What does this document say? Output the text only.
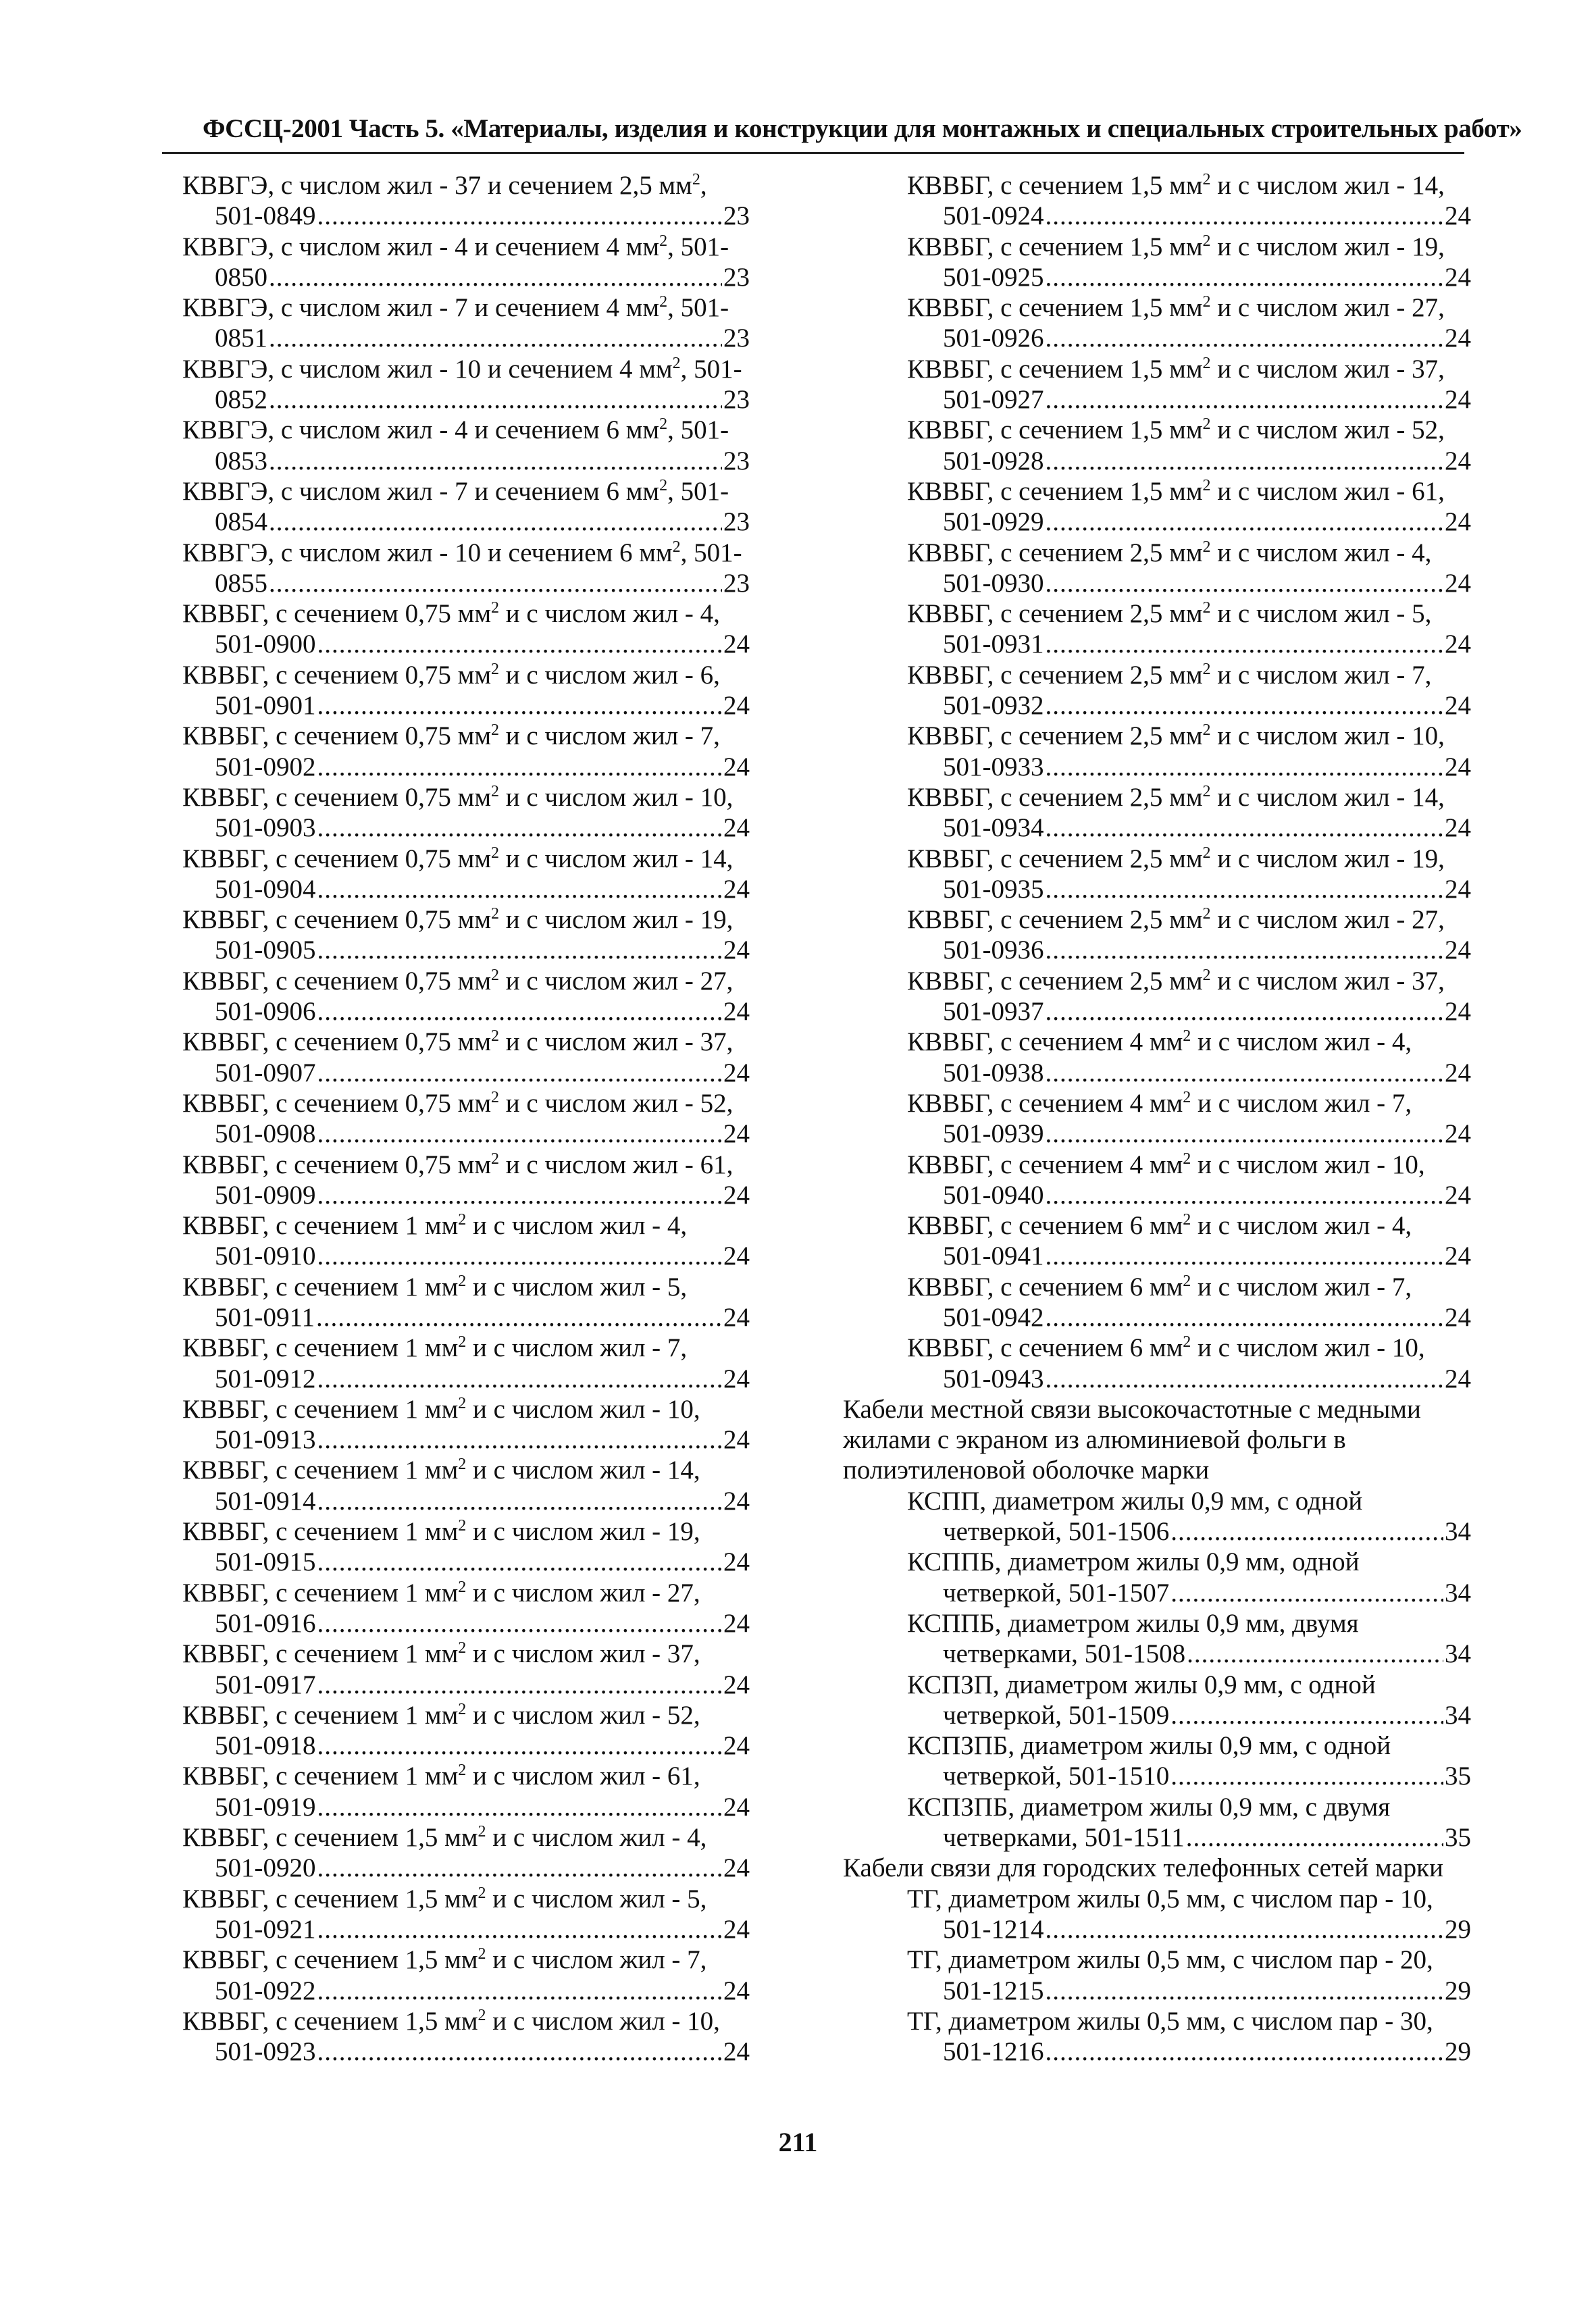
ФССЦ-2001 Часть 5. «Материалы, изделия и конструкции для монтажных и специальных строительных работ»
КВВГЭ, с числом жил - 37 и сечением 2,5 $мм^2$,
501-0849 .....	23
КВВГЭ, с числом жил - 4 и сечением 4 $мм^2$, 501-
0850 .....	23
КВВГЭ, с числом жил - 7 и сечением 4 $мм^2$, 501-
0851 .....	23
КВВГЭ, с числом жил - 10 и сечением 4 $мм^2$, 501-
0852 .....	23
КВВГЭ, с числом жил - 4 и сечением 6 $мм^2$, 501-
0853 .....	23
КВВГЭ, с числом жил - 7 и сечением 6 $мм^2$, 501-
0854 .....	23
КВВГЭ, с числом жил - 10 и сечением 6 $мм^2$, 501-
0855 .....	23
КВВБГ, с сечением 0,75 $мм^2$ и с числом жил - 4,
501-0900 .....	24
КВВБГ, с сечением 0,75 $мм^2$ и с числом жил - 6,
501-0901 .....	24
КВВБГ, с сечением 0,75 $мм^2$ и с числом жил - 7,
501-0902 .....	24
КВВБГ, с сечением 0,75 $мм^2$ и с числом жил - 10,
501-0903 .....	24
КВВБГ, с сечением 0,75 $мм^2$ и с числом жил - 14,
501-0904 .....	24
КВВБГ, с сечением 0,75 $мм^2$ и с числом жил - 19,
501-0905 .....	24
КВВБГ, с сечением 0,75 $мм^2$ и с числом жил - 27,
501-0906 .....	24
КВВБГ, с сечением 0,75 $мм^2$ и с числом жил - 37,
501-0907 .....	24
КВВБГ, с сечением 0,75 $мм^2$ и с числом жил - 52,
501-0908 .....	24
КВВБГ, с сечением 0,75 $мм^2$ и с числом жил - 61,
501-0909 .....	24
КВВБГ, с сечением 1 $мм^2$ и с числом жил - 4,
501-0910 .....	24
КВВБГ, с сечением 1 $мм^2$ и с числом жил - 5,
501-0911 .....	24
КВВБГ, с сечением 1 $мм^2$ и с числом жил - 7,
501-0912 .....	24
КВВБГ, с сечением 1 $мм^2$ и с числом жил - 10,
501-0913 .....	24
КВВБГ, с сечением 1 $мм^2$ и с числом жил - 14,
501-0914 .....	24
КВВБГ, с сечением 1 $мм^2$ и с числом жил - 19,
501-0915 .....	24
КВВБГ, с сечением 1 $мм^2$ и с числом жил - 27,
501-0916 .....	24
КВВБГ, с сечением 1 $мм^2$ и с числом жил - 37,
501-0917 .....	24
КВВБГ, с сечением 1 $мм^2$ и с числом жил - 52,
501-0918 .....	24
КВВБГ, с сечением 1 $мм^2$ и с числом жил - 61,
501-0919 .....	24
КВВБГ, с сечением 1,5 $мм^2$ и с числом жил - 4,
501-0920 .....	24
КВВБГ, с сечением 1,5 $мм^2$ и с числом жил - 5,
501-0921 .....	24
КВВБГ, с сечением 1,5 $мм^2$ и с числом жил - 7,
501-0922 .....	24
КВВБГ, с сечением 1,5 $мм^2$ и с числом жил - 10,
501-0923 .....	24
КВВБГ, с сечением 1,5 $мм^2$ и с числом жил - 14,
501-0924 .....	24
КВВБГ, с сечением 1,5 $мм^2$ и с числом жил - 19,
501-0925 .....	24
КВВБГ, с сечением 1,5 $мм^2$ и с числом жил - 27,
501-0926 .....	24
КВВБГ, с сечением 1,5 $мм^2$ и с числом жил - 37,
501-0927 .....	24
КВВБГ, с сечением 1,5 $мм^2$ и с числом жил - 52,
501-0928 .....	24
КВВБГ, с сечением 1,5 $мм^2$ и с числом жил - 61,
501-0929 .....	24
КВВБГ, с сечением 2,5 $мм^2$ и с числом жил - 4,
501-0930 .....	24
КВВБГ, с сечением 2,5 $мм^2$ и с числом жил - 5,
501-0931 .....	24
КВВБГ, с сечением 2,5 $мм^2$ и с числом жил - 7,
501-0932 .....	24
КВВБГ, с сечением 2,5 $мм^2$ и с числом жил - 10,
501-0933 .....	24
КВВБГ, с сечением 2,5 $мм^2$ и с числом жил - 14,
501-0934 .....	24
КВВБГ, с сечением 2,5 $мм^2$ и с числом жил - 19,
501-0935 .....	24
КВВБГ, с сечением 2,5 $мм^2$ и с числом жил - 27,
501-0936 .....	24
КВВБГ, с сечением 2,5 $мм^2$ и с числом жил - 37,
501-0937 .....	24
КВВБГ, с сечением 4 $мм^2$ и с числом жил - 4,
501-0938 .....	24
КВВБГ, с сечением 4 $мм^2$ и с числом жил - 7,
501-0939 .....	24
КВВБГ, с сечением 4 $мм^2$ и с числом жил - 10,
501-0940 .....	24
КВВБГ, с сечением 6 $мм^2$ и с числом жил - 4,
501-0941 .....	24
КВВБГ, с сечением 6 $мм^2$ и с числом жил - 7,
501-0942 .....	24
КВВБГ, с сечением 6 $мм^2$ и с числом жил - 10,
501-0943 .....	24
Кабели местной связи высокочастотные с медными
жилами с экраном из алюминиевой фольги в
полиэтиленовой оболочке марки
КСПП, диаметром жилы 0,9 мм, с одной
четверкой, 501-1506 .....	34
КСППБ, диаметром жилы 0,9 мм, одной
четверкой, 501-1507 .....	34
КСППБ, диаметром жилы 0,9 мм, двумя
четверками, 501-1508 .....	34
КСПЗП, диаметром жилы 0,9 мм, с одной
четверкой, 501-1509 .....	34
КСПЗПБ, диаметром жилы 0,9 мм, с одной
четверкой, 501-1510 .....	35
КСПЗПБ, диаметром жилы 0,9 мм, с двумя
четверками, 501-1511 .....	35
Кабели связи для городских телефонных сетей марки
ТГ, диаметром жилы 0,5 мм, с числом пар - 10,
501-1214 .....	29
ТГ, диаметром жилы 0,5 мм, с числом пар - 20,
501-1215 .....	29
ТГ, диаметром жилы 0,5 мм, с числом пар - 30,
501-1216 .....	29
211
